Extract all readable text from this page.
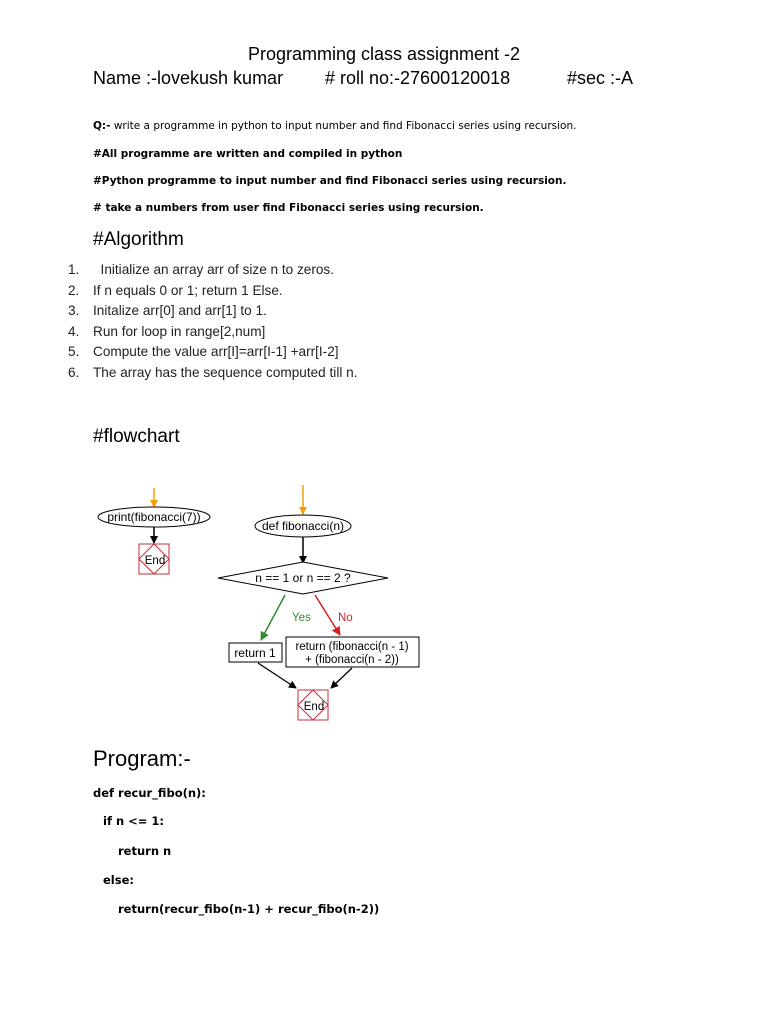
Programming class assignment -2
Name :-lovekush kumar # roll no:-27600120018	#sec :-A
Q:- write a programme in python to input number and find Fibonacci series using recursion.
#All programme are written and compiled in python
#Python programme to input number and find Fibonacci series using recursion.
# take a numbers from user find Fibonacci series using recursion.
#Algorithm
1.  Initialize an array arr of size n to zeros.
2. If n equals 0 or 1; return 1 Else.
3. Initalize arr[0] and arr[1] to 1.
4. Run for loop in range[2,num]
5. Compute the value arr[I]=arr[I-1] +arr[I-2]
6. The array has the sequence computed till n.
#flowchart
print(fibonacci(7))
End
def fibonacci(n)
n == 1 or n == 2 ?
Yes No
return 1 return (fibonacci(n - 1)
+ (fibonacci(n - 2))
End
Program:-
def recur_fibo(n):
if n <= 1:
return n
else:
return(recur_fibo(n-1) + recur_fibo(n-2))
